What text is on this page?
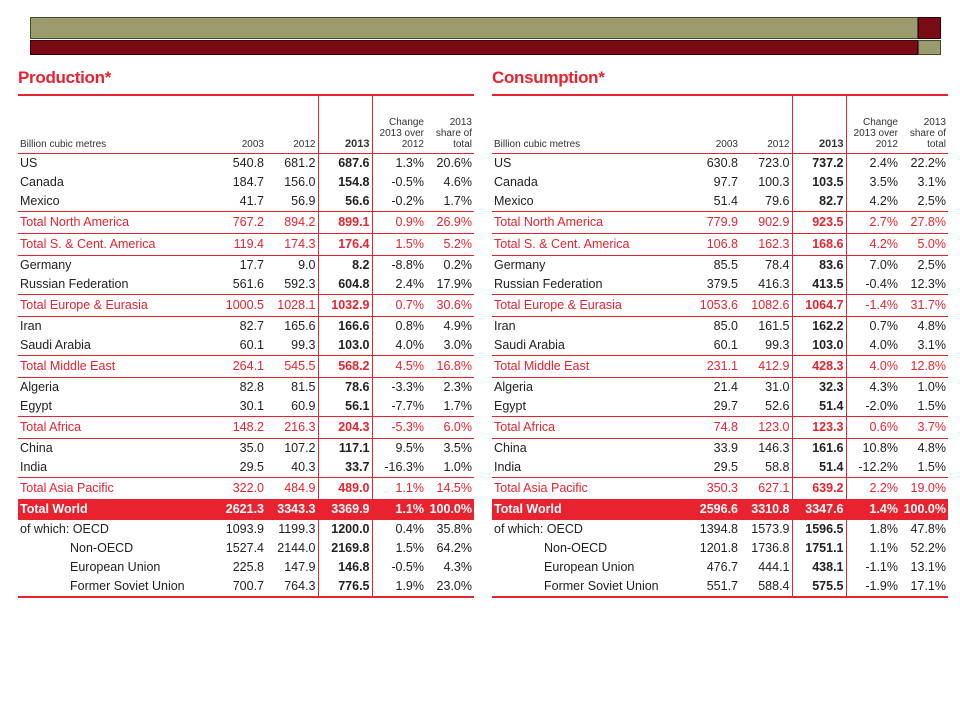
Production*
Billion cubic metres	2003	2012	2013	Change
2013 over
2012	2013
share of
total
US	540.8	681.2	687.6	1.3%	20.6%
Canada	184.7	156.0	154.8	-0.5%	4.6%
Mexico	41.7	56.9	56.6	-0.2%	1.7%
Total North America	767.2	894.2	899.1	0.9%	26.9%
Total S. & Cent. America	119.4	174.3	176.4	1.5%	5.2%
Germany	17.7	9.0	8.2	-8.8%	0.2%
Russian Federation	561.6	592.3	604.8	2.4%	17.9%
Total Europe & Eurasia	1000.5	1028.1	1032.9	0.7%	30.6%
Iran	82.7	165.6	166.6	0.8%	4.9%
Saudi Arabia	60.1	99.3	103.0	4.0%	3.0%
Total Middle East	264.1	545.5	568.2	4.5%	16.8%
Algeria	82.8	81.5	78.6	-3.3%	2.3%
Egypt	30.1	60.9	56.1	-7.7%	1.7%
Total Africa	148.2	216.3	204.3	-5.3%	6.0%
China	35.0	107.2	117.1	9.5%	3.5%
India	29.5	40.3	33.7	-16.3%	1.0%
Total Asia Pacific	322.0	484.9	489.0	1.1%	14.5%
Total World	2621.3	3343.3	3369.9	1.1%	100.0%
of which: OECD	1093.9	1199.3	1200.0	0.4%	35.8%
Non-OECD	1527.4	2144.0	2169.8	1.5%	64.2%
European Union	225.8	147.9	146.8	-0.5%	4.3%
Former Soviet Union	700.7	764.3	776.5	1.9%	23.0%
Consumption*
Billion cubic metres	2003	2012	2013	Change
2013 over
2012	2013
share of
total
US	630.8	723.0	737.2	2.4%	22.2%
Canada	97.7	100.3	103.5	3.5%	3.1%
Mexico	51.4	79.6	82.7	4.2%	2.5%
Total North America	779.9	902.9	923.5	2.7%	27.8%
Total S. & Cent. America	106.8	162.3	168.6	4.2%	5.0%
Germany	85.5	78.4	83.6	7.0%	2.5%
Russian Federation	379.5	416.3	413.5	-0.4%	12.3%
Total Europe & Eurasia	1053.6	1082.6	1064.7	-1.4%	31.7%
Iran	85.0	161.5	162.2	0.7%	4.8%
Saudi Arabia	60.1	99.3	103.0	4.0%	3.1%
Total Middle East	231.1	412.9	428.3	4.0%	12.8%
Algeria	21.4	31.0	32.3	4.3%	1.0%
Egypt	29.7	52.6	51.4	-2.0%	1.5%
Total Africa	74.8	123.0	123.3	0.6%	3.7%
China	33.9	146.3	161.6	10.8%	4.8%
India	29.5	58.8	51.4	-12.2%	1.5%
Total Asia Pacific	350.3	627.1	639.2	2.2%	19.0%
Total World	2596.6	3310.8	3347.6	1.4%	100.0%
of which: OECD	1394.8	1573.9	1596.5	1.8%	47.8%
Non-OECD	1201.8	1736.8	1751.1	1.1%	52.2%
European Union	476.7	444.1	438.1	-1.1%	13.1%
Former Soviet Union	551.7	588.4	575.5	-1.9%	17.1%
